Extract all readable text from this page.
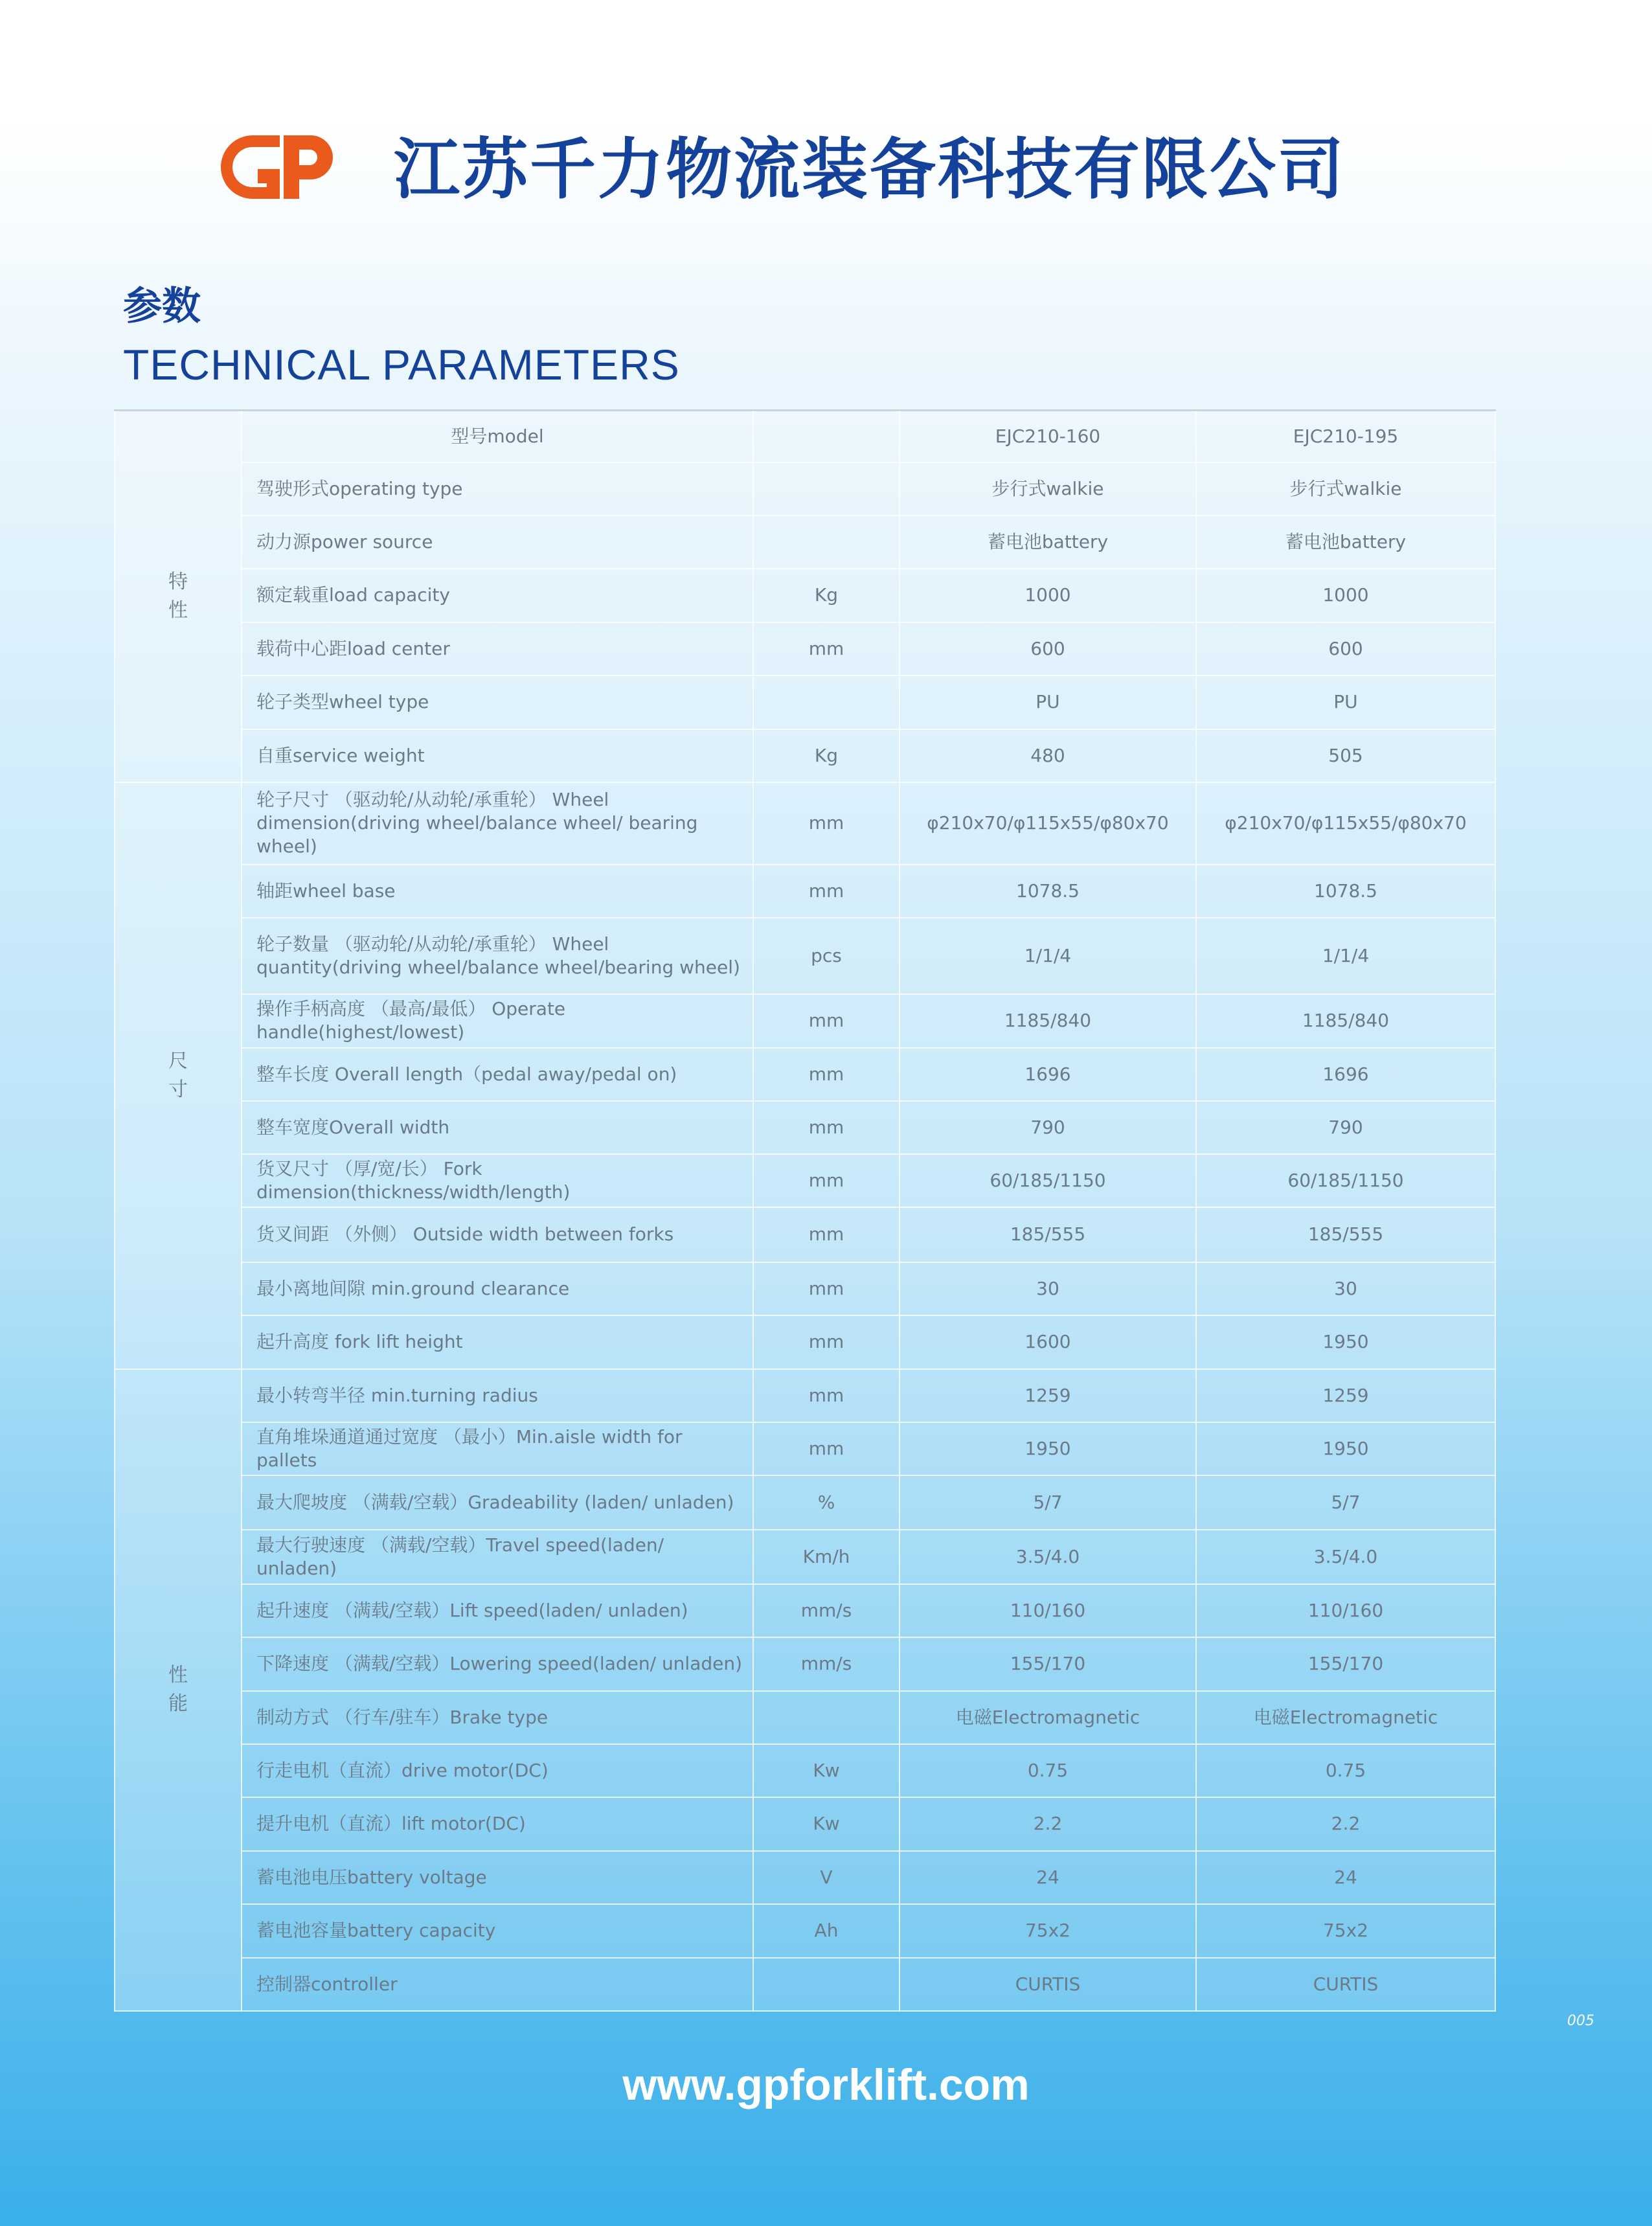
江苏千力物流装备科技有限公司
参数
TECHNICAL PARAMETERS
特性	型号model		EJC210-160	EJC210-195
	驾驶形式operating type		步行式walkie	步行式walkie
	动力源power source		蓄电池battery	蓄电池battery
	额定载重load capacity	Kg	1000	1000
	载荷中心距load center	mm	600	600
	轮子类型wheel type		PU	PU
	自重service weight	Kg	480	505
尺寸	轮子尺寸 （驱动轮/从动轮/承重轮） Wheel dimension(driving wheel/balance wheel/ bearing wheel)	mm	φ210x70/φ115x55/φ80x70	φ210x70/φ115x55/φ80x70
	轴距wheel base	mm	1078.5	1078.5
	轮子数量 （驱动轮/从动轮/承重轮） Wheel quantity(driving wheel/balance wheel/bearing wheel)	pcs	1/1/4	1/1/4
	操作手柄高度 （最高/最低） Operate handle(highest/lowest)	mm	1185/840	1185/840
	整车长度 Overall length（pedal away/pedal on)	mm	1696	1696
	整车宽度Overall width	mm	790	790
	货叉尺寸 （厚/宽/长） Fork dimension(thickness/width/length)	mm	60/185/1150	60/185/1150
	货叉间距 （外侧） Outside width between forks	mm	185/555	185/555
	最小离地间隙 min.ground clearance	mm	30	30
	起升高度 fork lift height	mm	1600	1950
性能	最小转弯半径 min.turning radius	mm	1259	1259
	直角堆垛通道通过宽度 （最小）Min.aisle width for pallets	mm	1950	1950
	最大爬坡度 （满载/空载）Gradeability (laden/ unladen)	%	5/7	5/7
	最大行驶速度 （满载/空载）Travel speed(laden/ unladen)	Km/h	3.5/4.0	3.5/4.0
	起升速度 （满载/空载）Lift speed(laden/ unladen)	mm/s	110/160	110/160
	下降速度 （满载/空载）Lowering speed(laden/ unladen)	mm/s	155/170	155/170
	制动方式 （行车/驻车）Brake type		电磁Electromagnetic	电磁Electromagnetic
	行走电机（直流）drive motor(DC)	Kw	0.75	0.75
	提升电机（直流）lift motor(DC)	Kw	2.2	2.2
	蓄电池电压battery voltage	V	24	24
	蓄电池容量battery capacity	Ah	75x2	75x2
	控制器controller		CURTIS	CURTIS
www.gpforklift.com
005
